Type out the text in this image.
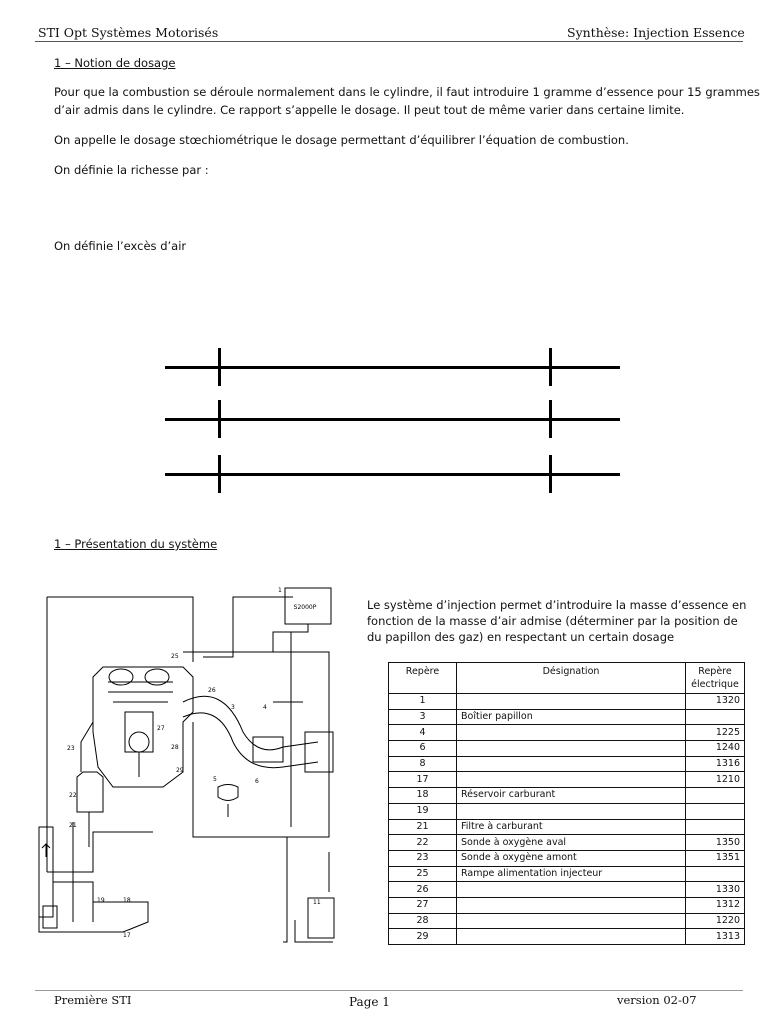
STI Opt Systèmes Motorisés	Synthèse: Injection Essence
1 – Notion de dosage
Pour que la combustion se déroule normalement dans le cylindre, il faut introduire 1 gramme d’essence pour 15 grammes
d’air admis dans le cylindre. Ce rapport s’appelle le dosage. Il peut tout de même varier dans certaine limite.
On appelle le dosage stœchiométrique le dosage permettant d’équilibrer l’équation de combustion.
On définie la richesse par :
On définie l’excès d’air
1 – Présentation du système
Le système d’injection permet d’introduire la masse d’essence en
fonction de la masse d’air admise (déterminer par la position de
du papillon des gaz) en respectant un certain dosage
S2000P
1
25
26
3	4
27
23	28
29
5	6
22
21
19	18
17
11
Repère	Désignation	Repère électrique
1		1320
3	Boîtier papillon	
4		1225
6		1240
8		1316
17		1210
18	Réservoir carburant	
19		
21	Filtre à carburant	
22	Sonde à oxygène aval	1350
23	Sonde à oxygène amont	1351
25	Rampe alimentation injecteur	
26		1330
27		1312
28		1220
29		1313
Première STI	Page 1	version 02-07
